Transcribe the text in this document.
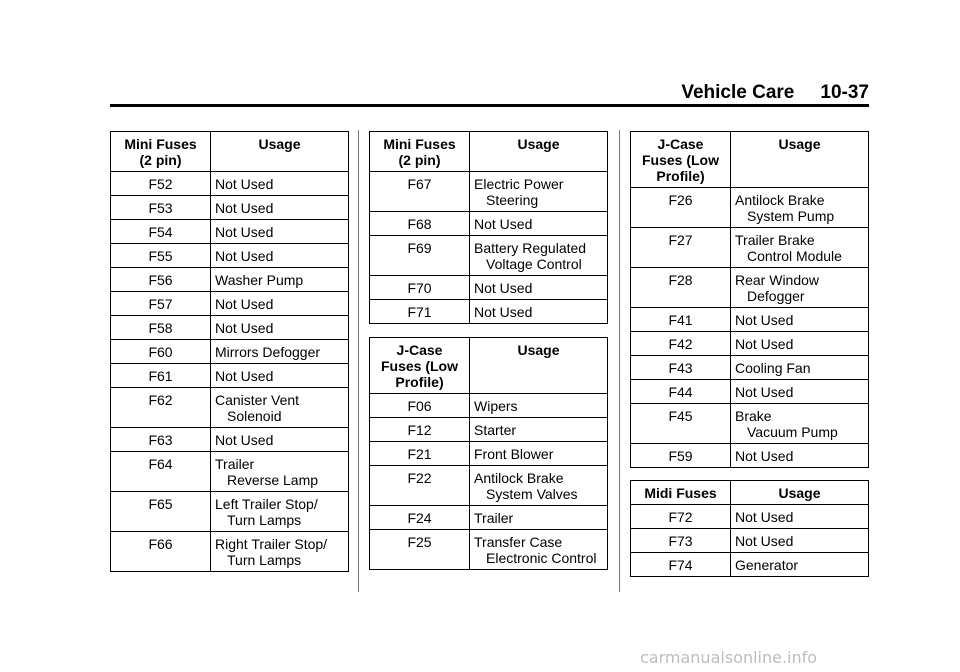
Vehicle Care 10-37
Mini Fuses
(2 pin)	Usage
F52	Not Used
F53	Not Used
F54	Not Used
F55	Not Used
F56	Washer Pump
F57	Not Used
F58	Not Used
F60	Mirrors Defogger
F61	Not Used
F62	Canister Vent
Solenoid

F63	Not Used
F64	Trailer
Reverse Lamp

F65	Left Trailer Stop/
Turn Lamps

F66	Right Trailer Stop/
Turn Lamps
Mini Fuses
(2 pin)	Usage
F67	Electric Power
Steering

F68	Not Used
F69	Battery Regulated
Voltage Control

F70	Not Used
F71	Not Used
J-Case
Fuses (Low
Profile)	Usage
F06	Wipers
F12	Starter
F21	Front Blower
F22	Antilock Brake
System Valves

F24	Trailer
F25	Transfer Case
Electronic Control
J-Case
Fuses (Low
Profile)	Usage
F26	Antilock Brake
System Pump

F27	Trailer Brake
Control Module

F28	Rear Window
Defogger

F41	Not Used
F42	Not Used
F43	Cooling Fan
F44	Not Used
F45	Brake
Vacuum Pump

F59	Not Used
Midi Fuses	Usage
F72	Not Used
F73	Not Used
F74	Generator
carmanualsonline.info
